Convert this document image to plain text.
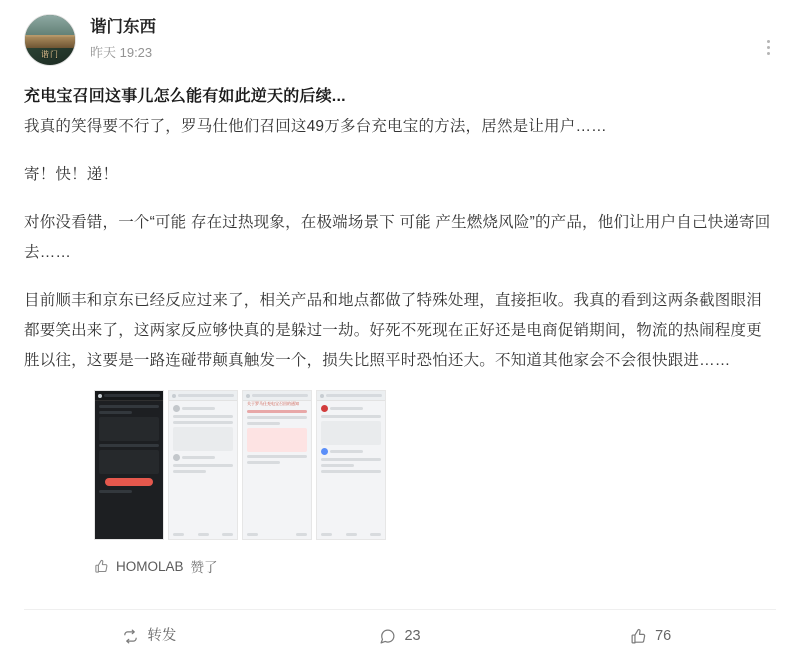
谐门
谐门东西
昨天 19:23

充电宝召回这事儿怎么能有如此逆天的后续...

我真的笑得要不行了，罗马仕他们召回这49万多台充电宝的方法，居然是让用户……

寄！快！递！

对你没看错，一个“可能 存在过热现象，在极端场景下 可能 产生燃烧风险”的产品，他们让用户自己快递寄回去……

目前顺丰和京东已经反应过来了，相关产品和地点都做了特殊处理，直接拒收。我真的看到这两条截图眼泪都要笑出来了，这两家反应够快真的是躲过一劫。好死不死现在正好还是电商促销期间，物流的热闹程度更胜以往，这要是一路连碰带颠真触发一个，损失比照平时恐怕还大。不知道其他家会不会很快跟进……

关于罗马仕充电宝召回的通知
HOMOLAB 赞了
转发	23	76
